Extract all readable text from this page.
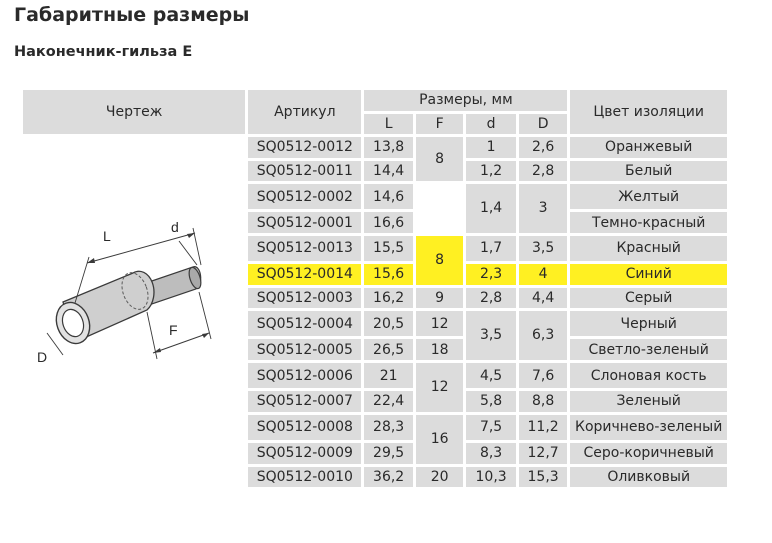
Габаритные размеры
Наконечник-гильза Е
Чертеж	Артикул	Размеры, мм				Цвет изоляции
		L	F	d	D	

L
d
F
D	SQ0512-0012	13,8	8	1	2,6	Оранжевый
	SQ0512-0011	14,4		1,2	2,8	Белый
	SQ0512-0002	14,6		1,4	3	Желтый
	SQ0512-0001	16,6				Темно-красный
	SQ0512-0013	15,5	8	1,7	3,5	Красный
	SQ0512-0014	15,6		2,3	4	Синий
	SQ0512-0003	16,2	9	2,8	4,4	Серый
	SQ0512-0004	20,5	12	3,5	6,3	Черный
	SQ0512-0005	26,5	18			Светло-зеленый
	SQ0512-0006	21	12	4,5	7,6	Слоновая кость
	SQ0512-0007	22,4		5,8	8,8	Зеленый
	SQ0512-0008	28,3	16	7,5	11,2	Коричнево-зеленый
	SQ0512-0009	29,5		8,3	12,7	Серо-коричневый
	SQ0512-0010	36,2	20	10,3	15,3	Оливковый
